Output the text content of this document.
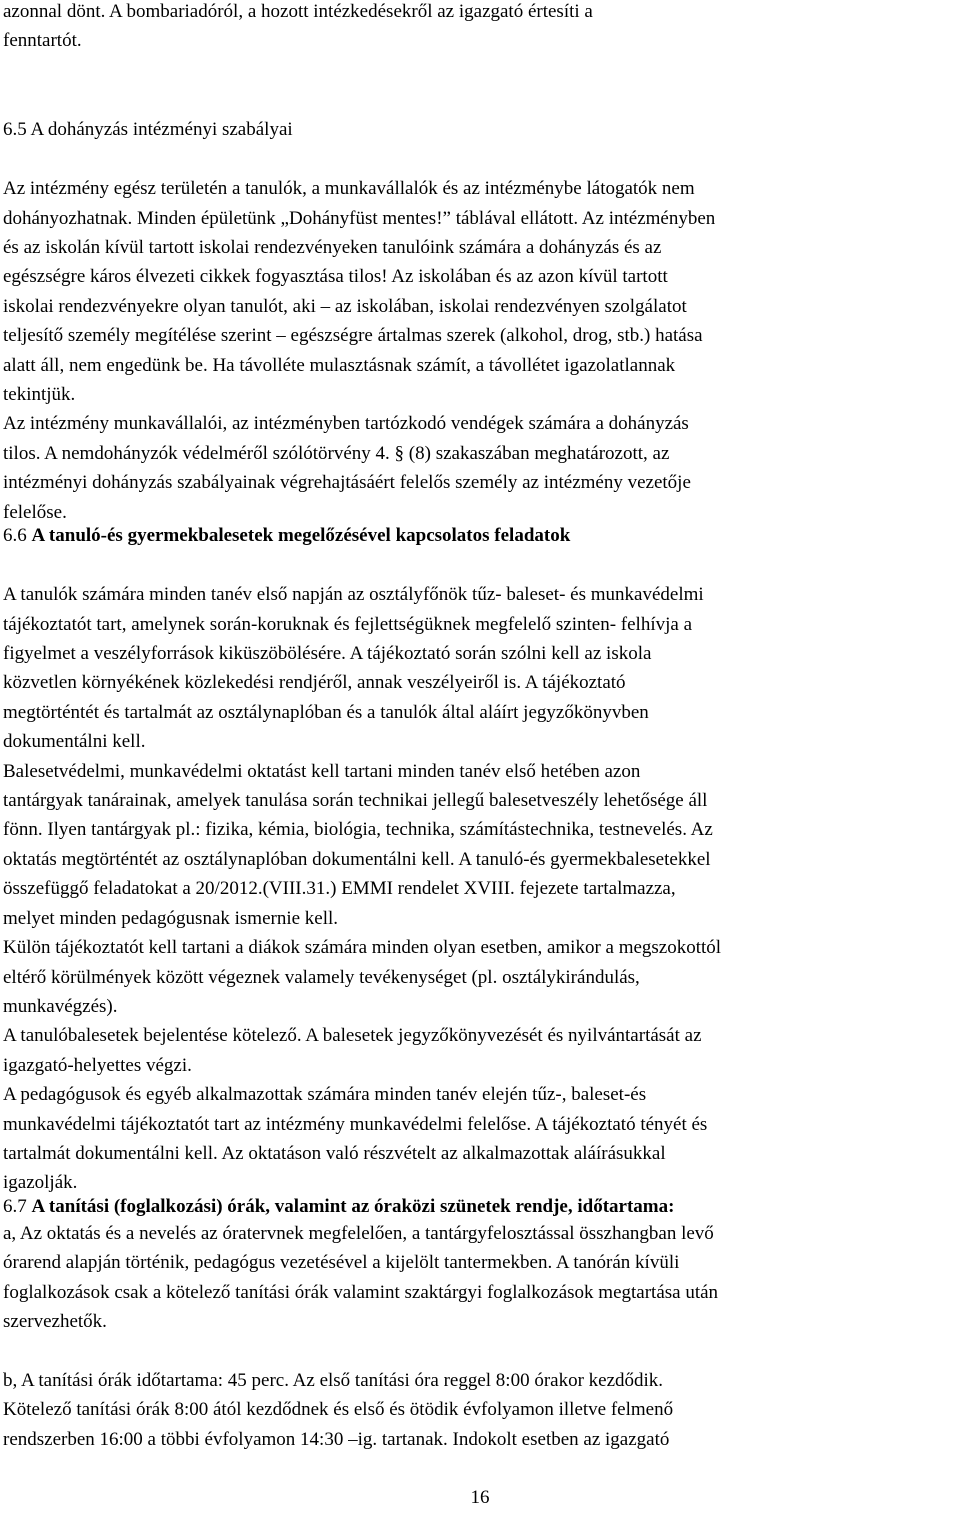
azonnal dönt. A bombariadóról, a hozott intézkedésekről az igazgató értesíti a
fenntartót.

6.5 A dohányzás intézményi szabályai

Az intézmény egész területén a tanulók, a munkavállalók és az intézménybe látogatók nem
dohányozhatnak. Minden épületünk „Dohányfüst mentes!” táblával ellátott. Az intézményben
és az iskolán kívül tartott iskolai rendezvényeken tanulóink számára a dohányzás és az
egészségre káros élvezeti cikkek fogyasztása tilos! Az iskolában és az azon kívül tartott
iskolai rendezvényekre olyan tanulót, aki – az iskolában, iskolai rendezvényen szolgálatot
teljesítő személy megítélése szerint – egészségre ártalmas szerek (alkohol, drog, stb.) hatása
alatt áll, nem engedünk be. Ha távolléte mulasztásnak számít, a távollétet igazolatlannak
tekintjük.
Az intézmény munkavállalói, az intézményben tartózkodó vendégek számára a dohányzás
tilos. A nemdohányzók védelméről szólótörvény 4. § (8) szakaszában meghatározott, az
intézményi dohányzás szabályainak végrehajtásáért felelős személy az intézmény vezetője
felelőse.

6.6 A tanuló-és gyermekbalesetek megelőzésével kapcsolatos feladatok

A tanulók számára minden tanév első napján az osztályfőnök tűz- baleset- és munkavédelmi
tájékoztatót tart, amelynek során-koruknak és fejlettségüknek megfelelő szinten- felhívja a
figyelmet a veszélyforrások kiküszöbölésére. A tájékoztató során szólni kell az iskola
közvetlen környékének közlekedési rendjéről, annak veszélyeiről is. A tájékoztató
megtörténtét és tartalmát az osztálynaplóban és a tanulók által aláírt jegyzőkönyvben
dokumentálni kell.
Balesetvédelmi, munkavédelmi oktatást kell tartani minden tanév első hetében azon
tantárgyak tanárainak, amelyek tanulása során technikai jellegű balesetveszély lehetősége áll
fönn. Ilyen tantárgyak pl.: fizika, kémia, biológia, technika, számítástechnika, testnevelés. Az
oktatás megtörténtét az osztálynaplóban dokumentálni kell. A tanuló-és gyermekbalesetekkel
összefüggő feladatokat a 20/2012.(VIII.31.) EMMI rendelet XVIII. fejezete tartalmazza,
melyet minden pedagógusnak ismernie kell.
Külön tájékoztatót kell tartani a diákok számára minden olyan esetben, amikor a megszokottól
eltérő körülmények között végeznek valamely tevékenységet (pl. osztálykirándulás,
munkavégzés).
A tanulóbalesetek bejelentése kötelező. A balesetek jegyzőkönyvezését és nyilvántartását az
igazgató-helyettes végzi.
A pedagógusok és egyéb alkalmazottak számára minden tanév elején tűz-, baleset-és
munkavédelmi tájékoztatót tart az intézmény munkavédelmi felelőse. A tájékoztató tényét és
tartalmát dokumentálni kell. Az oktatáson való részvételt az alkalmazottak aláírásukkal
igazolják.

6.7 A tanítási (foglalkozási) órák, valamint az óraközi szünetek rendje, időtartama:

a, Az oktatás és a nevelés az óratervnek megfelelően, a tantárgyfelosztással összhangban levő
órarend alapján történik, pedagógus vezetésével a kijelölt tantermekben. A tanórán kívüli
foglalkozások csak a kötelező tanítási órák valamint szaktárgyi foglalkozások megtartása után
szervezhetők.
b, A tanítási órák időtartama: 45 perc. Az első tanítási óra reggel 8:00 órakor kezdődik.
Kötelező tanítási órák 8:00 ától kezdődnek és első és ötödik évfolyamon illetve felmenő
rendszerben 16:00 a többi évfolyamon 14:30 –ig. tartanak. Indokolt esetben az igazgató
16
